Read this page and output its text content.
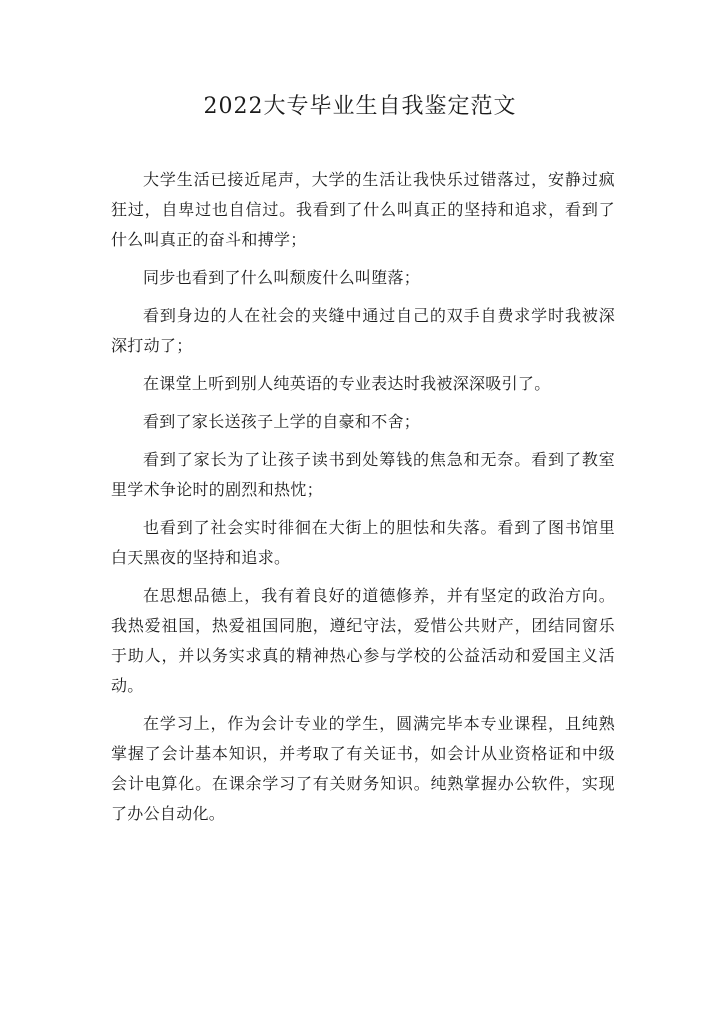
2022大专毕业生自我鉴定范文

大学生活已接近尾声，大学的生活让我快乐过错落过，安静过疯狂过，自卑过也自信过。我看到了什么叫真正的坚持和追求，看到了什么叫真正的奋斗和搏学；

同步也看到了什么叫颓废什么叫堕落；

看到身边的人在社会的夹缝中通过自己的双手自费求学时我被深深打动了；

在课堂上听到别人纯英语的专业表达时我被深深吸引了。

看到了家长送孩子上学的自豪和不舍；

看到了家长为了让孩子读书到处筹钱的焦急和无奈。看到了教室里学术争论时的剧烈和热忱；

也看到了社会实时徘徊在大街上的胆怯和失落。看到了图书馆里白天黑夜的坚持和追求。

在思想品德上，我有着良好的道德修养，并有坚定的政治方向。我热爱祖国，热爱祖国同胞，遵纪守法，爱惜公共财产，团结同窗乐于助人，并以务实求真的精神热心参与学校的公益活动和爱国主义活动。

在学习上，作为会计专业的学生，圆满完毕本专业课程，且纯熟掌握了会计基本知识，并考取了有关证书，如会计从业资格证和中级会计电算化。在课余学习了有关财务知识。纯熟掌握办公软件，实现了办公自动化。
